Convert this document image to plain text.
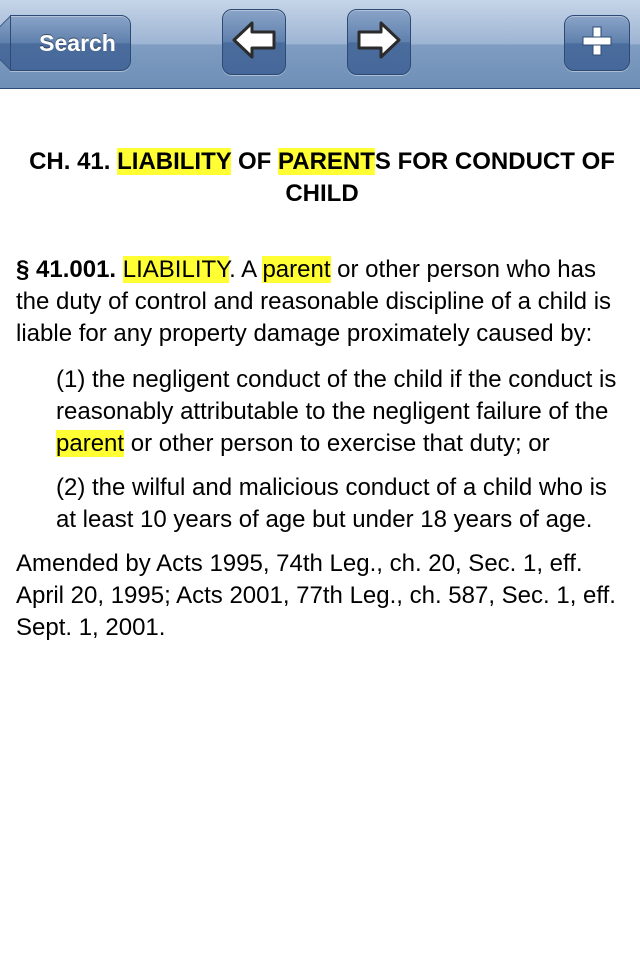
Search

CH. 41. LIABILITY OF PARENTS FOR CONDUCT OF CHILD

§ 41.001. LIABILITY. A parent or other person who has the duty of control and reasonable discipline of a child is liable for any property damage proximately caused by:

(1) the negligent conduct of the child if the conduct is reasonably attributable to the negligent failure of the parent or other person to exercise that duty; or

(2) the wilful and malicious conduct of a child who is at least 10 years of age but under 18 years of age.

Amended by Acts 1995, 74th Leg., ch. 20, Sec. 1, eff. April 20, 1995; Acts 2001, 77th Leg., ch. 587, Sec. 1, eff. Sept. 1, 2001.
